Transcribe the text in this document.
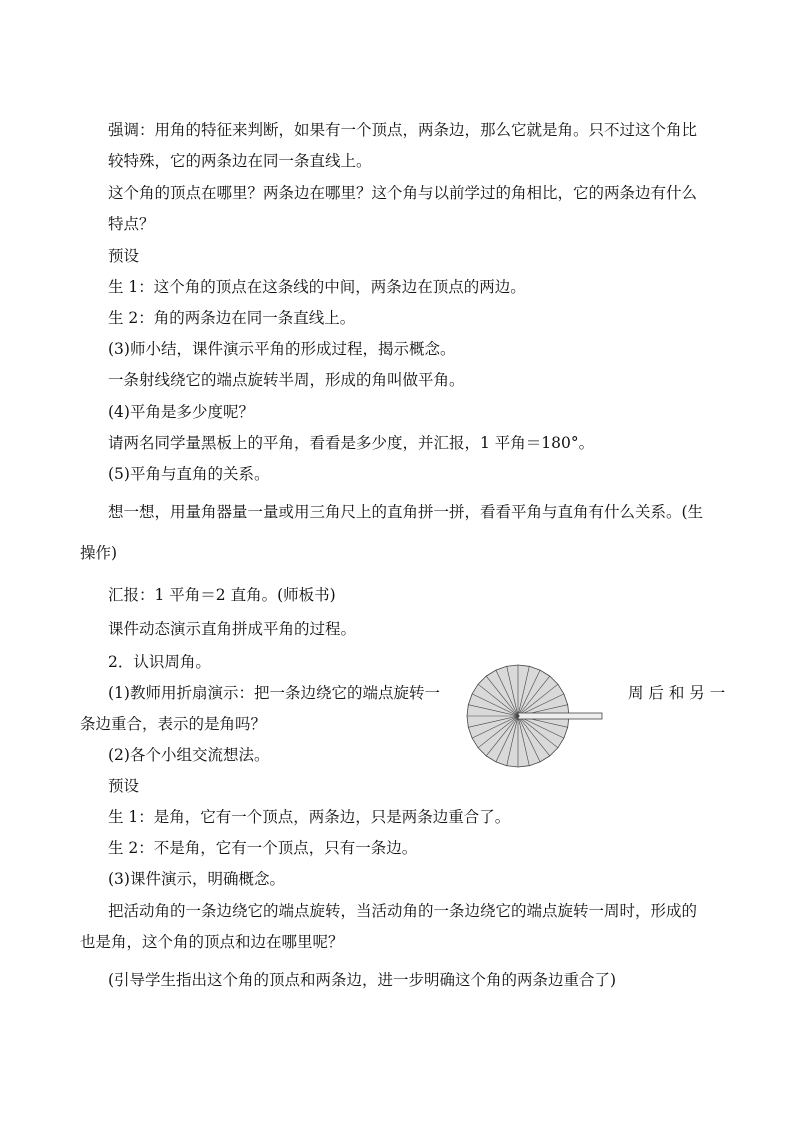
强调：用角的特征来判断，如果有一个顶点，两条边，那么它就是角。只不过这个角比
较特殊，它的两条边在同一条直线上。
这个角的顶点在哪里？两条边在哪里？这个角与以前学过的角相比，它的两条边有什么
特点？
预设
生 1：这个角的顶点在这条线的中间，两条边在顶点的两边。
生 2：角的两条边在同一条直线上。
(3)师小结，课件演示平角的形成过程，揭示概念。
一条射线绕它的端点旋转半周，形成的角叫做平角。
(4)平角是多少度呢？
请两名同学量黑板上的平角，看看是多少度，并汇报，1 平角＝180°。
(5)平角与直角的关系。
想一想，用量角器量一量或用三角尺上的直角拼一拼，看看平角与直角有什么关系。(生
操作)
汇报：1 平角＝2 直角。(师板书)
课件动态演示直角拼成平角的过程。
2．认识周角。
(1)教师用折扇演示：把一条边绕它的端点旋转一	周 后 和 另 一
条边重合，表示的是角吗？
(2)各个小组交流想法。
预设
生 1：是角，它有一个顶点，两条边，只是两条边重合了。
生 2：不是角，它有一个顶点，只有一条边。
(3)课件演示，明确概念。
把活动角的一条边绕它的端点旋转，当活动角的一条边绕它的端点旋转一周时，形成的
也是角，这个角的顶点和边在哪里呢？
(引导学生指出这个角的顶点和两条边，进一步明确这个角的两条边重合了)
